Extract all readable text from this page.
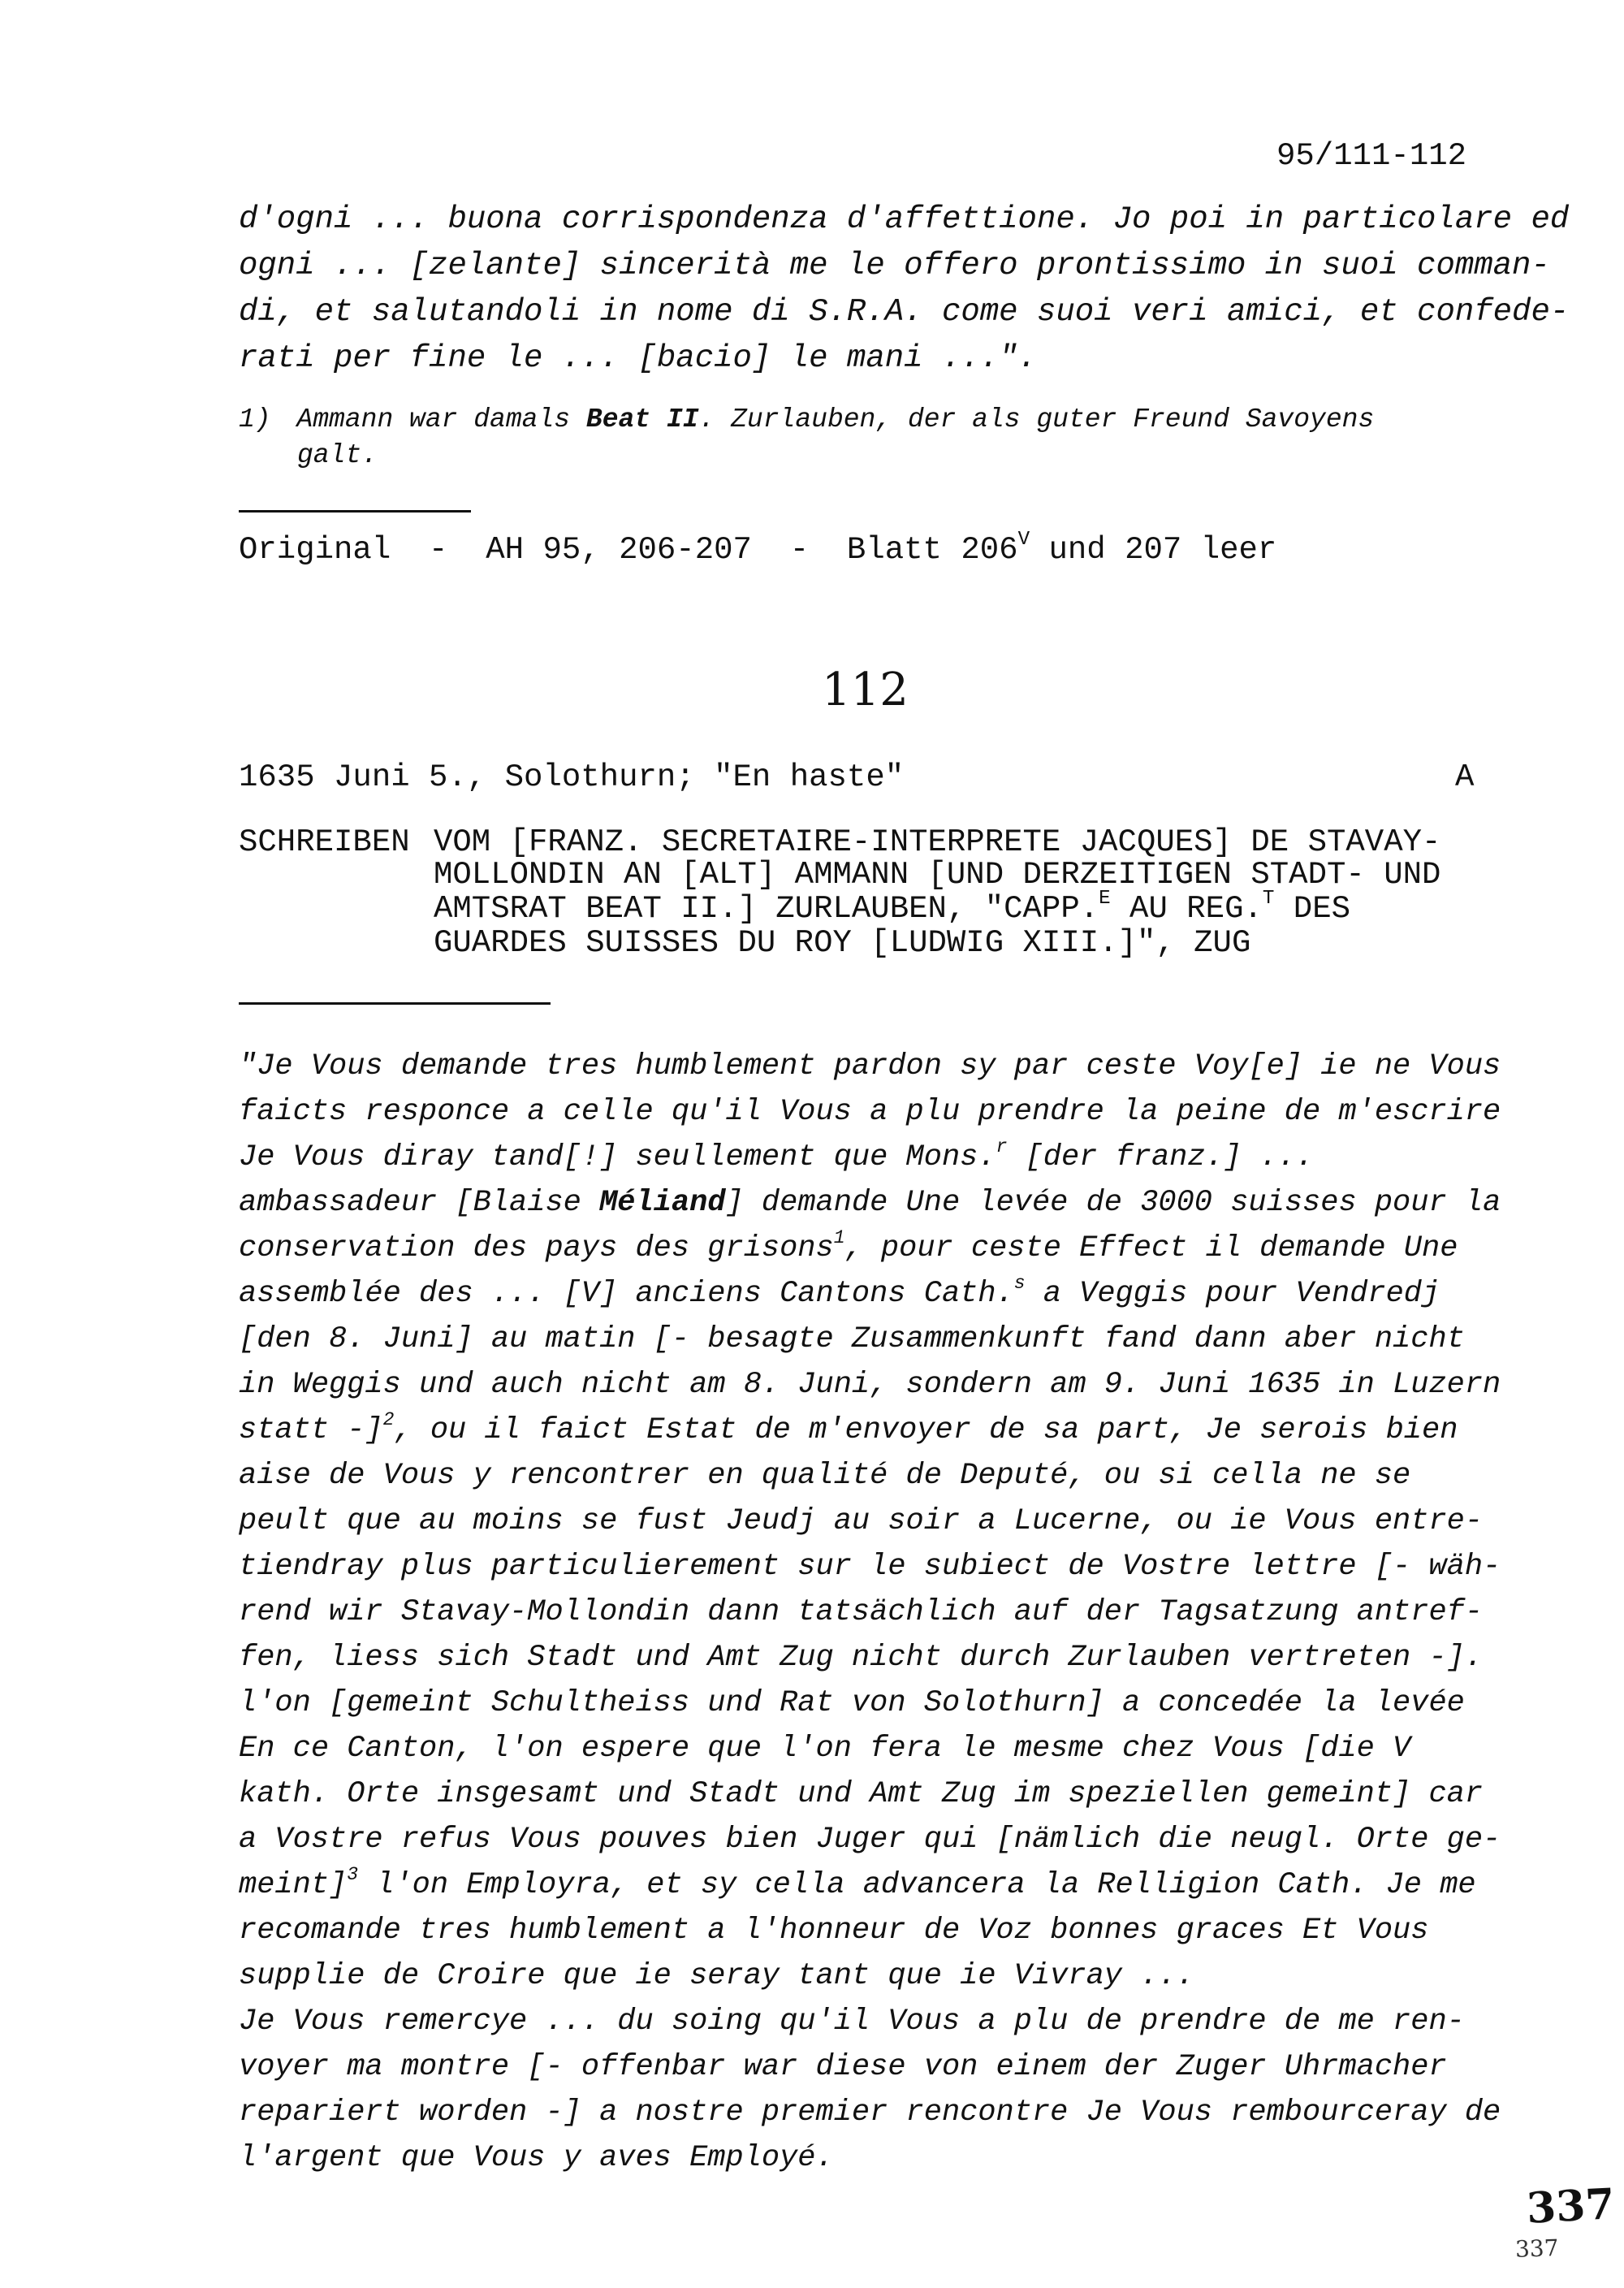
95/111-112
d'ogni ... buona corrispondenza d'affettione. Jo poi in particolare ed
ogni ... [zelante] sincerità me le offero prontissimo in suoi comman-
di, et salutandoli in nome di S.R.A. come suoi veri amici, et confede-
rati per fine le ... [bacio] le mani ...".
1) Ammann war damals Beat II. Zurlauben, der als guter Freund Savoyens
galt.
Original  -  AH 95, 206-207  -  Blatt $206^V$ und 207 leer
112
1635 Juni 5., Solothurn; "En haste"	A
SCHREIBEN VOM [FRANZ. SECRETAIRE-INTERPRETE JACQUES] DE STAVAY-
MOLLONDIN AN [ALT] AMMANN [UND DERZEITIGEN STADT- UND
AMTSRAT BEAT II.] ZURLAUBEN, "CAPP.$^E$ AU REG.$^T$ DES
GUARDES SUISSES DU ROY [LUDWIG XIII.]", ZUG
"Je Vous demande tres humblement pardon sy par ceste Voy[e] ie ne Vous
faicts responce a celle qu'il Vous a plu prendre la peine de m'escrire
Je Vous diray tand[!] seullement que Mons.$^r$ [der franz.] ...
ambassadeur [Blaise Méliand] demande Une levée de 3000 suisses pour la
conservation des pays des grisons$^1$, pour ceste Effect il demande Une
assemblée des ... [V] anciens Cantons Cath.$^s$ a Veggis pour Vendredj
[den 8. Juni] au matin [- besagte Zusammenkunft fand dann aber nicht
in Weggis und auch nicht am 8. Juni, sondern am 9. Juni 1635 in Luzern
statt -]$^2$, ou il faict Estat de m'envoyer de sa part, Je serois bien
aise de Vous y rencontrer en qualité de Deputé, ou si cella ne se
peult que au moins se fust Jeudj au soir a Lucerne, ou ie Vous entre-
tiendray plus particulierement sur le subiect de Vostre lettre [- wäh-
rend wir Stavay-Mollondin dann tatsächlich auf der Tagsatzung antref-
fen, liess sich Stadt und Amt Zug nicht durch Zurlauben vertreten -].
l'on [gemeint Schultheiss und Rat von Solothurn] a concedée la levée
En ce Canton, l'on espere que l'on fera le mesme chez Vous [die V
kath. Orte insgesamt und Stadt und Amt Zug im speziellen gemeint] car
a Vostre refus Vous pouves bien Juger qui [nämlich die neugl. Orte ge-
meint]$^3$ l'on Employra, et sy cella advancera la Relligion Cath. Je me
recomande tres humblement a l'honneur de Voz bonnes graces Et Vous
supplie de Croire que ie seray tant que ie Vivray ...
Je Vous remercye ... du soing qu'il Vous a plu de prendre de me ren-
voyer ma montre [- offenbar war diese von einem der Zuger Uhrmacher
repariert worden -] a nostre premier rencontre Je Vous rembourceray de
l'argent que Vous y aves Employé.
337
337
